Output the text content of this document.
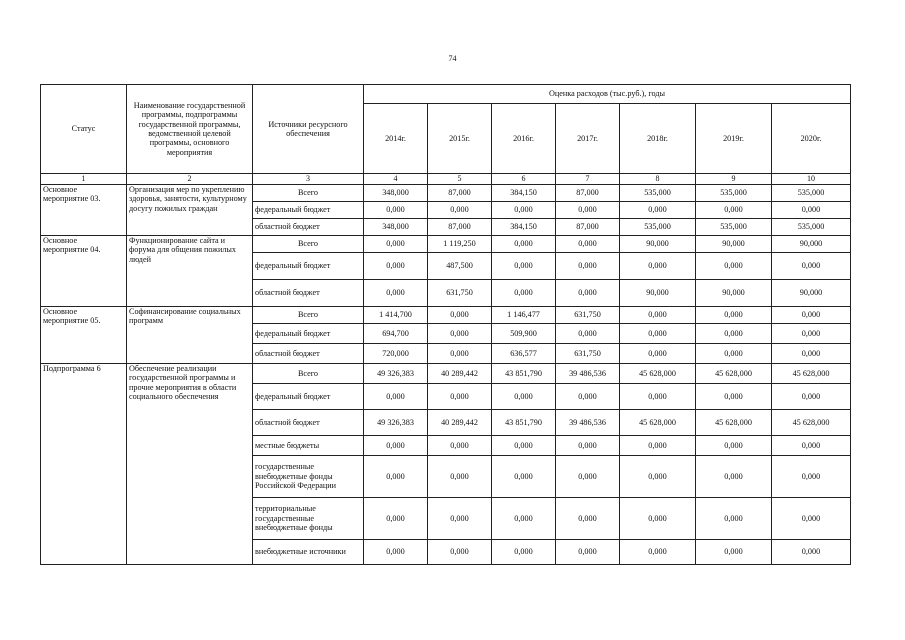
74
Статус	Наименование государственной программы, подпрограммы государственной программы, ведомственной целевой программы, основного мероприятия	Источники ресурсного обеспечения	Оценка расходов (тыс.руб.), годы						
			2014г.	2015г.	2016г.	2017г.	2018г.	2019г.	2020г.
1	2	3	4	5	6	7	8	9	10
Основное мероприятие 03.	Организация мер по укреплению здоровья, занятости, культурному досугу пожилых граждан	Всего	348,000	87,000	384,150	87,000	535,000	535,000	535,000
		федеральный бюджет	0,000	0,000	0,000	0,000	0,000	0,000	0,000
		областной бюджет	348,000	87,000	384,150	87,000	535,000	535,000	535,000
Основное мероприятие 04.	Функционирование сайта и форума для общения пожилых людей	Всего	0,000	1 119,250	0,000	0,000	90,000	90,000	90,000
		федеральный бюджет	0,000	487,500	0,000	0,000	0,000	0,000	0,000
		областной бюджет	0,000	631,750	0,000	0,000	90,000	90,000	90,000
Основное мероприятие 05.	Софинансирование социальных программ	Всего	1 414,700	0,000	1 146,477	631,750	0,000	0,000	0,000
		федеральный бюджет	694,700	0,000	509,900	0,000	0,000	0,000	0,000
		областной бюджет	720,000	0,000	636,577	631,750	0,000	0,000	0,000
Подпрограмма 6	Обеспечение реализации государственной программы и прочие мероприятия в области социального обеспечения	Всего	49 326,383	40 289,442	43 851,790	39 486,536	45 628,000	45 628,000	45 628,000
		федеральный бюджет	0,000	0,000	0,000	0,000	0,000	0,000	0,000
		областной бюджет	49 326,383	40 289,442	43 851,790	39 486,536	45 628,000	45 628,000	45 628,000
		местные бюджеты	0,000	0,000	0,000	0,000	0,000	0,000	0,000
		государственные внебюджетные фонды Российской Федерации	0,000	0,000	0,000	0,000	0,000	0,000	0,000
		территориальные государственные внебюджетные фонды	0,000	0,000	0,000	0,000	0,000	0,000	0,000
		внебюджетные источники	0,000	0,000	0,000	0,000	0,000	0,000	0,000
